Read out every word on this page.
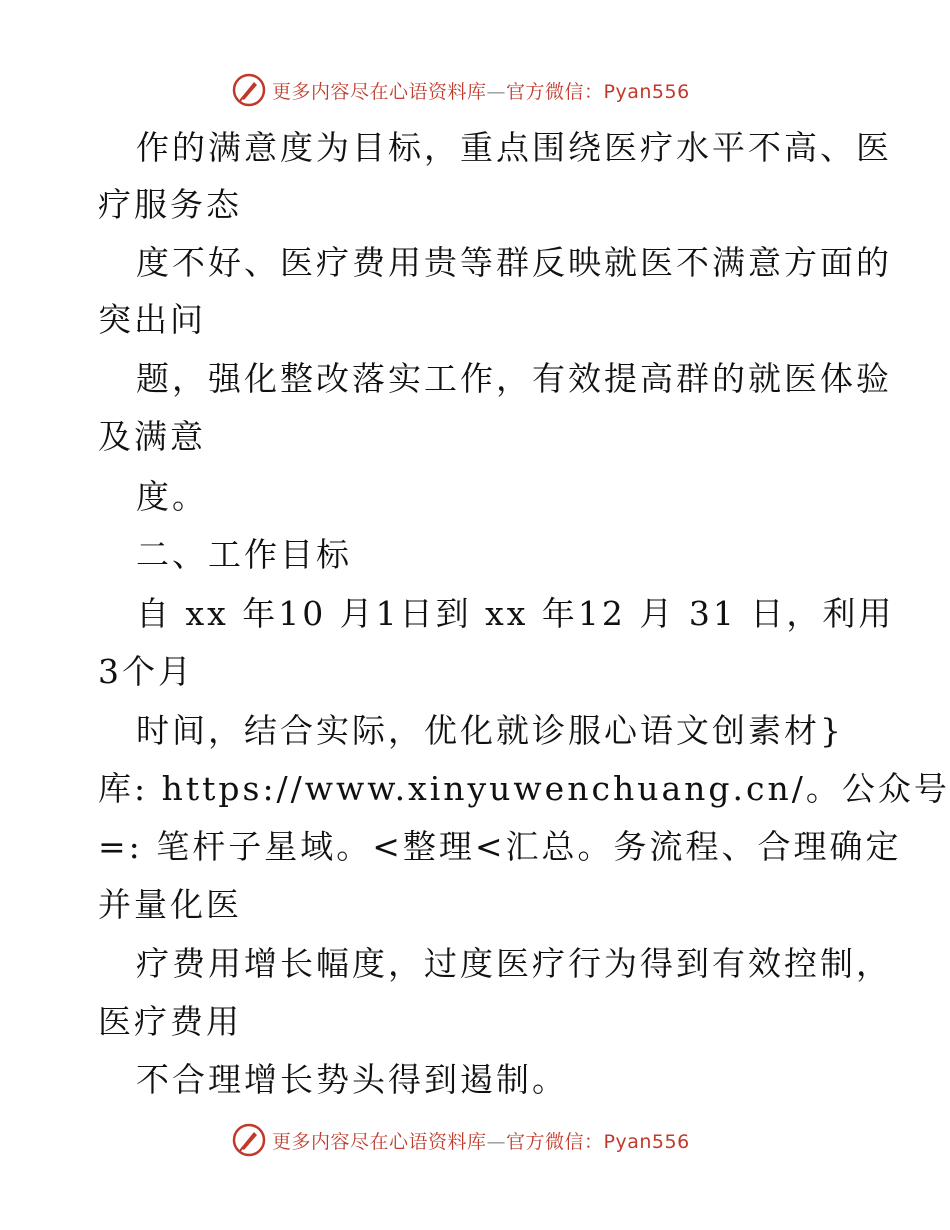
更多内容尽在心语资料库—官方微信：Pyan556
作的满意度为目标，重点围绕医疗水平不高、医
疗服务态
度不好、医疗费用贵等群反映就医不满意方面的
突出问
题，强化整改落实工作，有效提高群的就医体验
及满意
度。
二、工作目标
自 xx 年10 月1日到 xx 年12 月 31 日，利用
3个月
时间，结合实际，优化就诊服心语文创素材}
库: https://www.xinyuwenchuang.cn/。公众号
=: 笔杆子星域。<整理<汇总。务流程、合理确定
并量化医
疗费用增长幅度，过度医疗行为得到有效控制，
医疗费用
不合理增长势头得到遏制。
更多内容尽在心语资料库—官方微信：Pyan556
